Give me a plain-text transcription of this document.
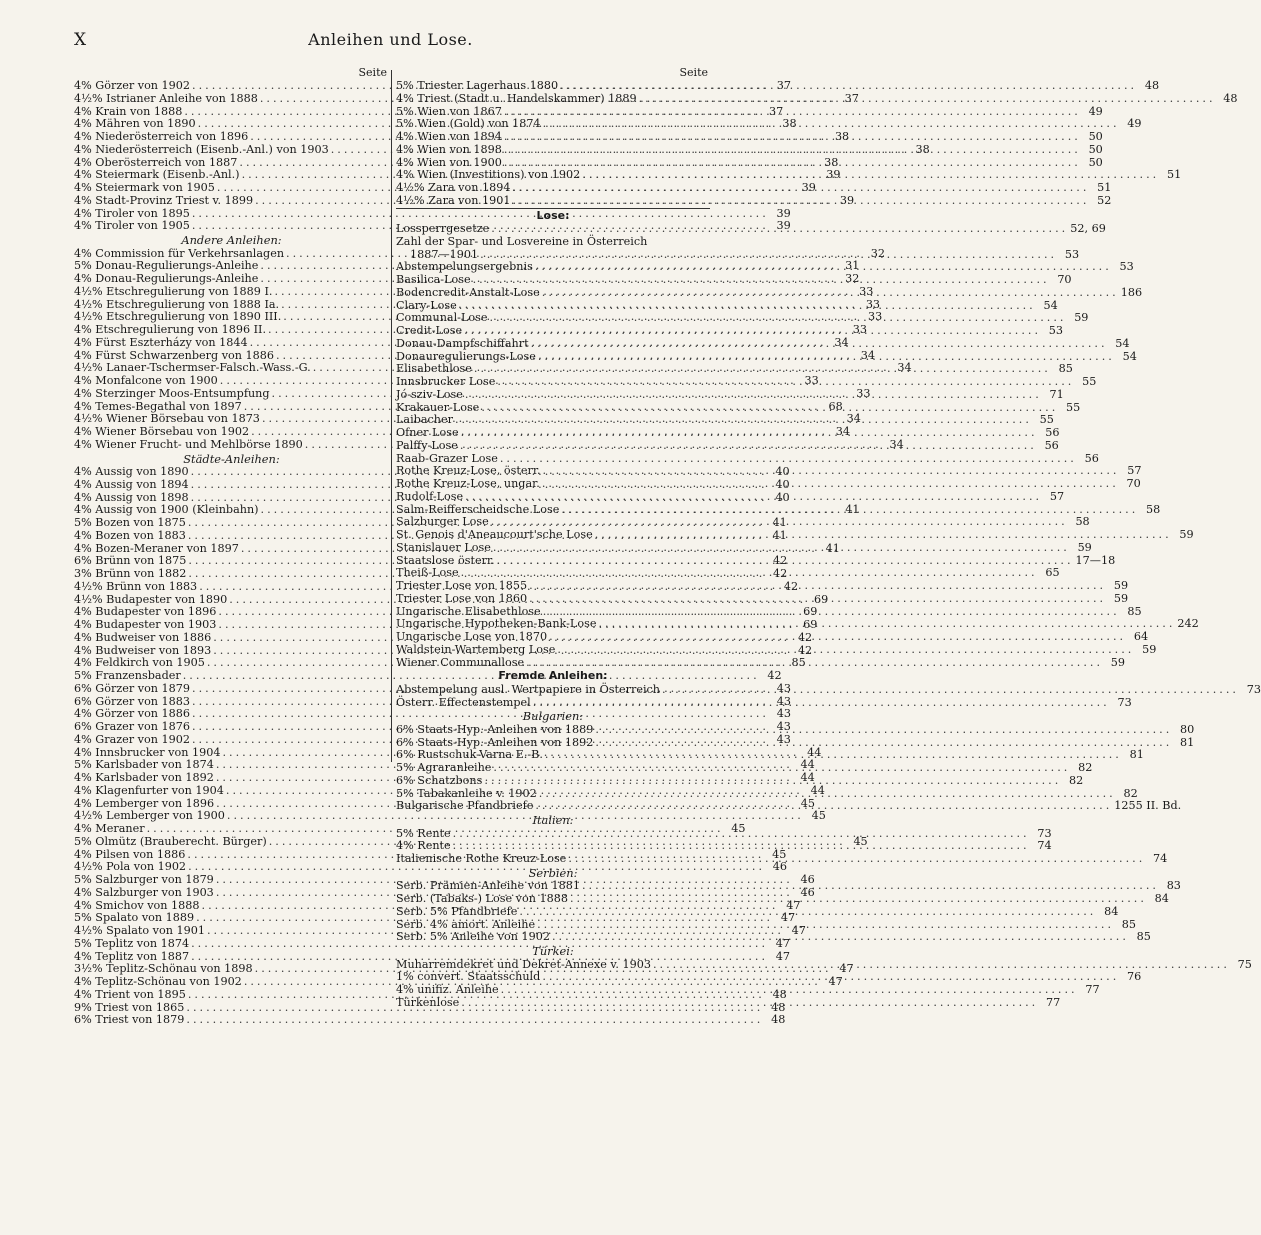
X	Anleihen und Lose.
Seite
4% Görzer von 1902 .....	37
4½% Istrianer Anleihe von 1888 .....	37
4% Krain von 1888 .....	37
4% Mähren von 1890 .....	38
4% Niederösterreich von 1896 .....	38
4% Niederösterreich (Eisenb.-Anl.) von 1903 .....	38
4% Oberösterreich von 1887 .....	38
4% Steiermark (Eisenb.-Anl.) .....	39
4% Steiermark von 1905 .....	39
4% Stadt-Provinz Triest v. 1899 .....	39
4% Tiroler von 1895 .....	39
4% Tiroler von 1905 .....	39
Andere Anleihen:
4% Commission für Verkehrsanlagen .....	32
5% Donau-Regulierungs-Anleihe .....	31
4% Donau-Regulierungs-Anleihe .....	32
4½% Etschregulierung von 1889 I. .....	33
4½% Etschregulierung von 1888 Ia. .....	33
4½% Etschregulierung von 1890 III. .....	33
4% Etschregulierung von 1896 II. .....	33
4% Fürst Eszterházy von 1844 .....	34
4% Fürst Schwarzenberg von 1886 .....	34
4½% Lanaer-Tschermser-Falsch.-Wass.-G. .....	34
4% Monfalcone von 1900 .....	33
4% Sterzinger Moos-Entsumpfung .....	33
4% Temes-Begathal von 1897 .....	68
4½% Wiener Börsebau von 1873 .....	34
4% Wiener Börsebau von 1902 .....	34
4% Wiener Frucht- und Mehlbörse 1890 .....	34
Städte-Anleihen:
4% Aussig von 1890 .....	40
4% Aussig von 1894 .....	40
4% Aussig von 1898 .....	40
4% Aussig von 1900 (Kleinbahn) .....	41
5% Bozen von 1875 .....	41
4% Bozen von 1883 .....	41
4% Bozen-Meraner von 1897 .....	41
6% Brünn von 1875 .....	42
3% Brünn von 1882 .....	42
4½% Brünn von 1883 .....	42
4½% Budapester von 1890 .....	69
4% Budapester von 1896 .....	69
4% Budapester von 1903 .....	69
4% Budweiser von 1886 .....	42
4% Budweiser von 1893 .....	42
4% Feldkirch von 1905 .....	85
5% Franzensbader .....	42
6% Görzer von 1879 .....	43
6% Görzer von 1883 .....	43
4% Görzer von 1886 .....	43
6% Grazer von 1876 .....	43
4% Grazer von 1902 .....	43
4% Innsbrucker von 1904 .....	44
5% Karlsbader von 1874 .....	44
4% Karlsbader von 1892 .....	44
4% Klagenfurter von 1904 .....	44
4% Lemberger von 1896 .....	45
4½% Lemberger von 1900 .....	45
4% Meraner .....	45
5% Olmütz (Brauberecht. Bürger) .....	45
4% Pilsen von 1886 .....	45
4½% Pola von 1902 .....	46
5% Salzburger von 1879 .....	46
4% Salzburger von 1903 .....	46
4% Smichov von 1888 .....	47
5% Spalato von 1889 .....	47
4½% Spalato von 1901 .....	47
5% Teplitz von 1874 .....	47
4% Teplitz von 1887 .....	47
3½% Teplitz-Schönau von 1898 .....	47
4% Teplitz-Schönau von 1902 .....	47
4% Trient von 1895 .....	48
9% Triest von 1865 .....	48
6% Triest von 1879 .....	48
Seite
5% Triester Lagerhaus 1880 .....	48
4% Triest (Stadt u. Handelskammer) 1889 .....	48
5% Wien von 1867 .....	49
5% Wien (Gold) von 1874 .....	49
4% Wien von 1894 .....	50
4% Wien von 1898 .....	50
4% Wien von 1900 .....	50
4% Wien (Investitions) von 1902 .....	51
4½% Zara von 1894 .....	51
4½% Zara von 1901 .....	52
Lose:
Lossperrgesetze .....	52, 69
Zahl der Spar- und Losvereine in Österreich
1887—1901 .....	53
Abstempelungsergebnis .....	53
Basilica-Lose .....	70
Bodencredit-Anstalt-Lose .....	186
Clary-Lose .....	54
Communal-Lose .....	59
Credit-Lose .....	53
Donau-Dampfschiffahrt .....	54
Donauregulierungs-Lose .....	54
Elisabethlose .....	85
Innsbrucker Lose .....	55
Jó-sziv-Lose .....	71
Krakauer-Lose .....	55
Laibacher .....	55
Ofner Lose .....	56
Palffy-Lose .....	56
Raab-Grazer Lose .....	56
Rothe Kreuz-Lose, österr. .....	57
Rothe Kreuz-Lose, ungar. .....	70
Rudolf-Lose .....	57
Salm-Reifferscheidsche Lose .....	58
Salzburger Lose .....	58
St. Genois d'Aneaucourt'sche Lose .....	59
Stanislauer Lose .....	59
Staatslose österr. .....	17—18
Theiß-Lose .....	65
Triester Lose von 1855 .....	59
Triester Lose von 1860 .....	59
Ungarische Elisabethlose .....	85
Ungarische Hypotheken-Bank-Lose .....	242
Ungarische Lose von 1870 .....	64
Waldstein-Wartemberg Lose .....	59
Wiener Communallose .....	59
Fremde Anleihen:
Abstempelung ausl. Wertpapiere in Österreich .....	73
Österr. Effectenstempel .....	73
Bulgarien:
6% Staats-Hyp.-Anleihen von 1889 .....	80
6% Staats-Hyp.-Anleihen von 1892 .....	81
6% Rustschuk-Varna E.-B. .....	81
5% Agraranleihe .....	82
6% Schatzbons .....	82
5% Tabakanleihe v. 1902 .....	82
Bulgarische Pfandbriefe .....	1255 II. Bd.
Italien:
5% Rente .....	73
4% Rente .....	74
Italienische Rothe Kreuz-Lose .....	74
Serbien:
Serb. Prämien-Anleihe von 1881 .....	83
Serb. (Tabaks-) Lose von 1888 .....	84
Serb. 5% Pfandbriefe .....	84
Serb. 4% amort. Anleihe .....	85
Serb. 5% Anleihe von 1902 .....	85
Türkei:
Muharremdekret und Dekret-Annexe v. 1903 .....	75
1% convert. Staatsschuld .....	76
4% unifiz. Anleihe .....	77
Türkenlose .....	77
